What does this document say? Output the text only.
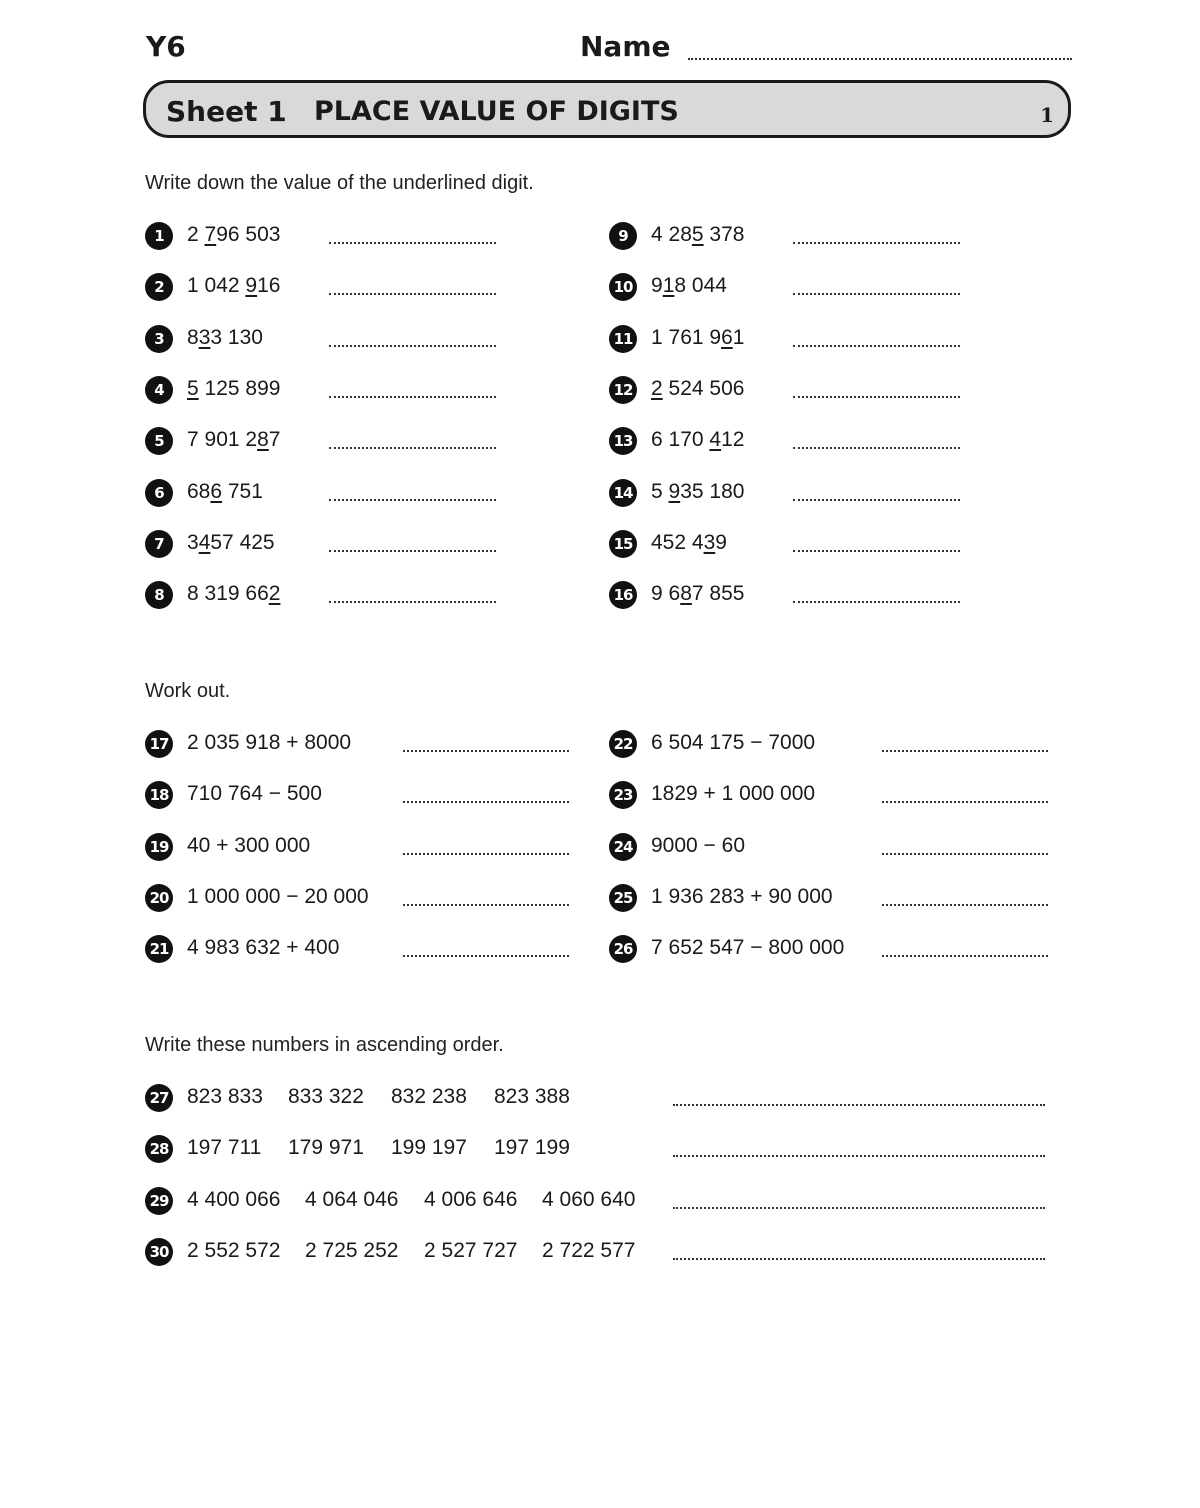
Y6	Name
Sheet 1 PLACE VALUE OF DIGITS	1
Write down the value of the underlined digit.
1	2 796 503
2	1 042 916
3	833 130
4	5 125 899
5	7 901 287
6	686 751
7	3457 425
8	8 319 662
9	4 285 378
10 918 044
11 1 761 961
12 2 524 506
13 6 170 412
14 5 935 180
15 452 439
16 9 687 855
Work out.
17 2 035 918 + 8000
18 710 764 − 500
19 40 + 300 000
20 1 000 000 − 20 000
21 4 983 632 + 400
22 6 504 175 − 7000
23 1829 + 1 000 000
24 9000 − 60
25 1 936 283 + 90 000
26 7 652 547 − 800 000
Write these numbers in ascending order.
27 823 833 833 322 832 238 823 388
28 197 711 179 971 199 197 197 199
29 4 400 066 4 064 046 4 006 646 4 060 640
30 2 552 572 2 725 252 2 527 727 2 722 577
